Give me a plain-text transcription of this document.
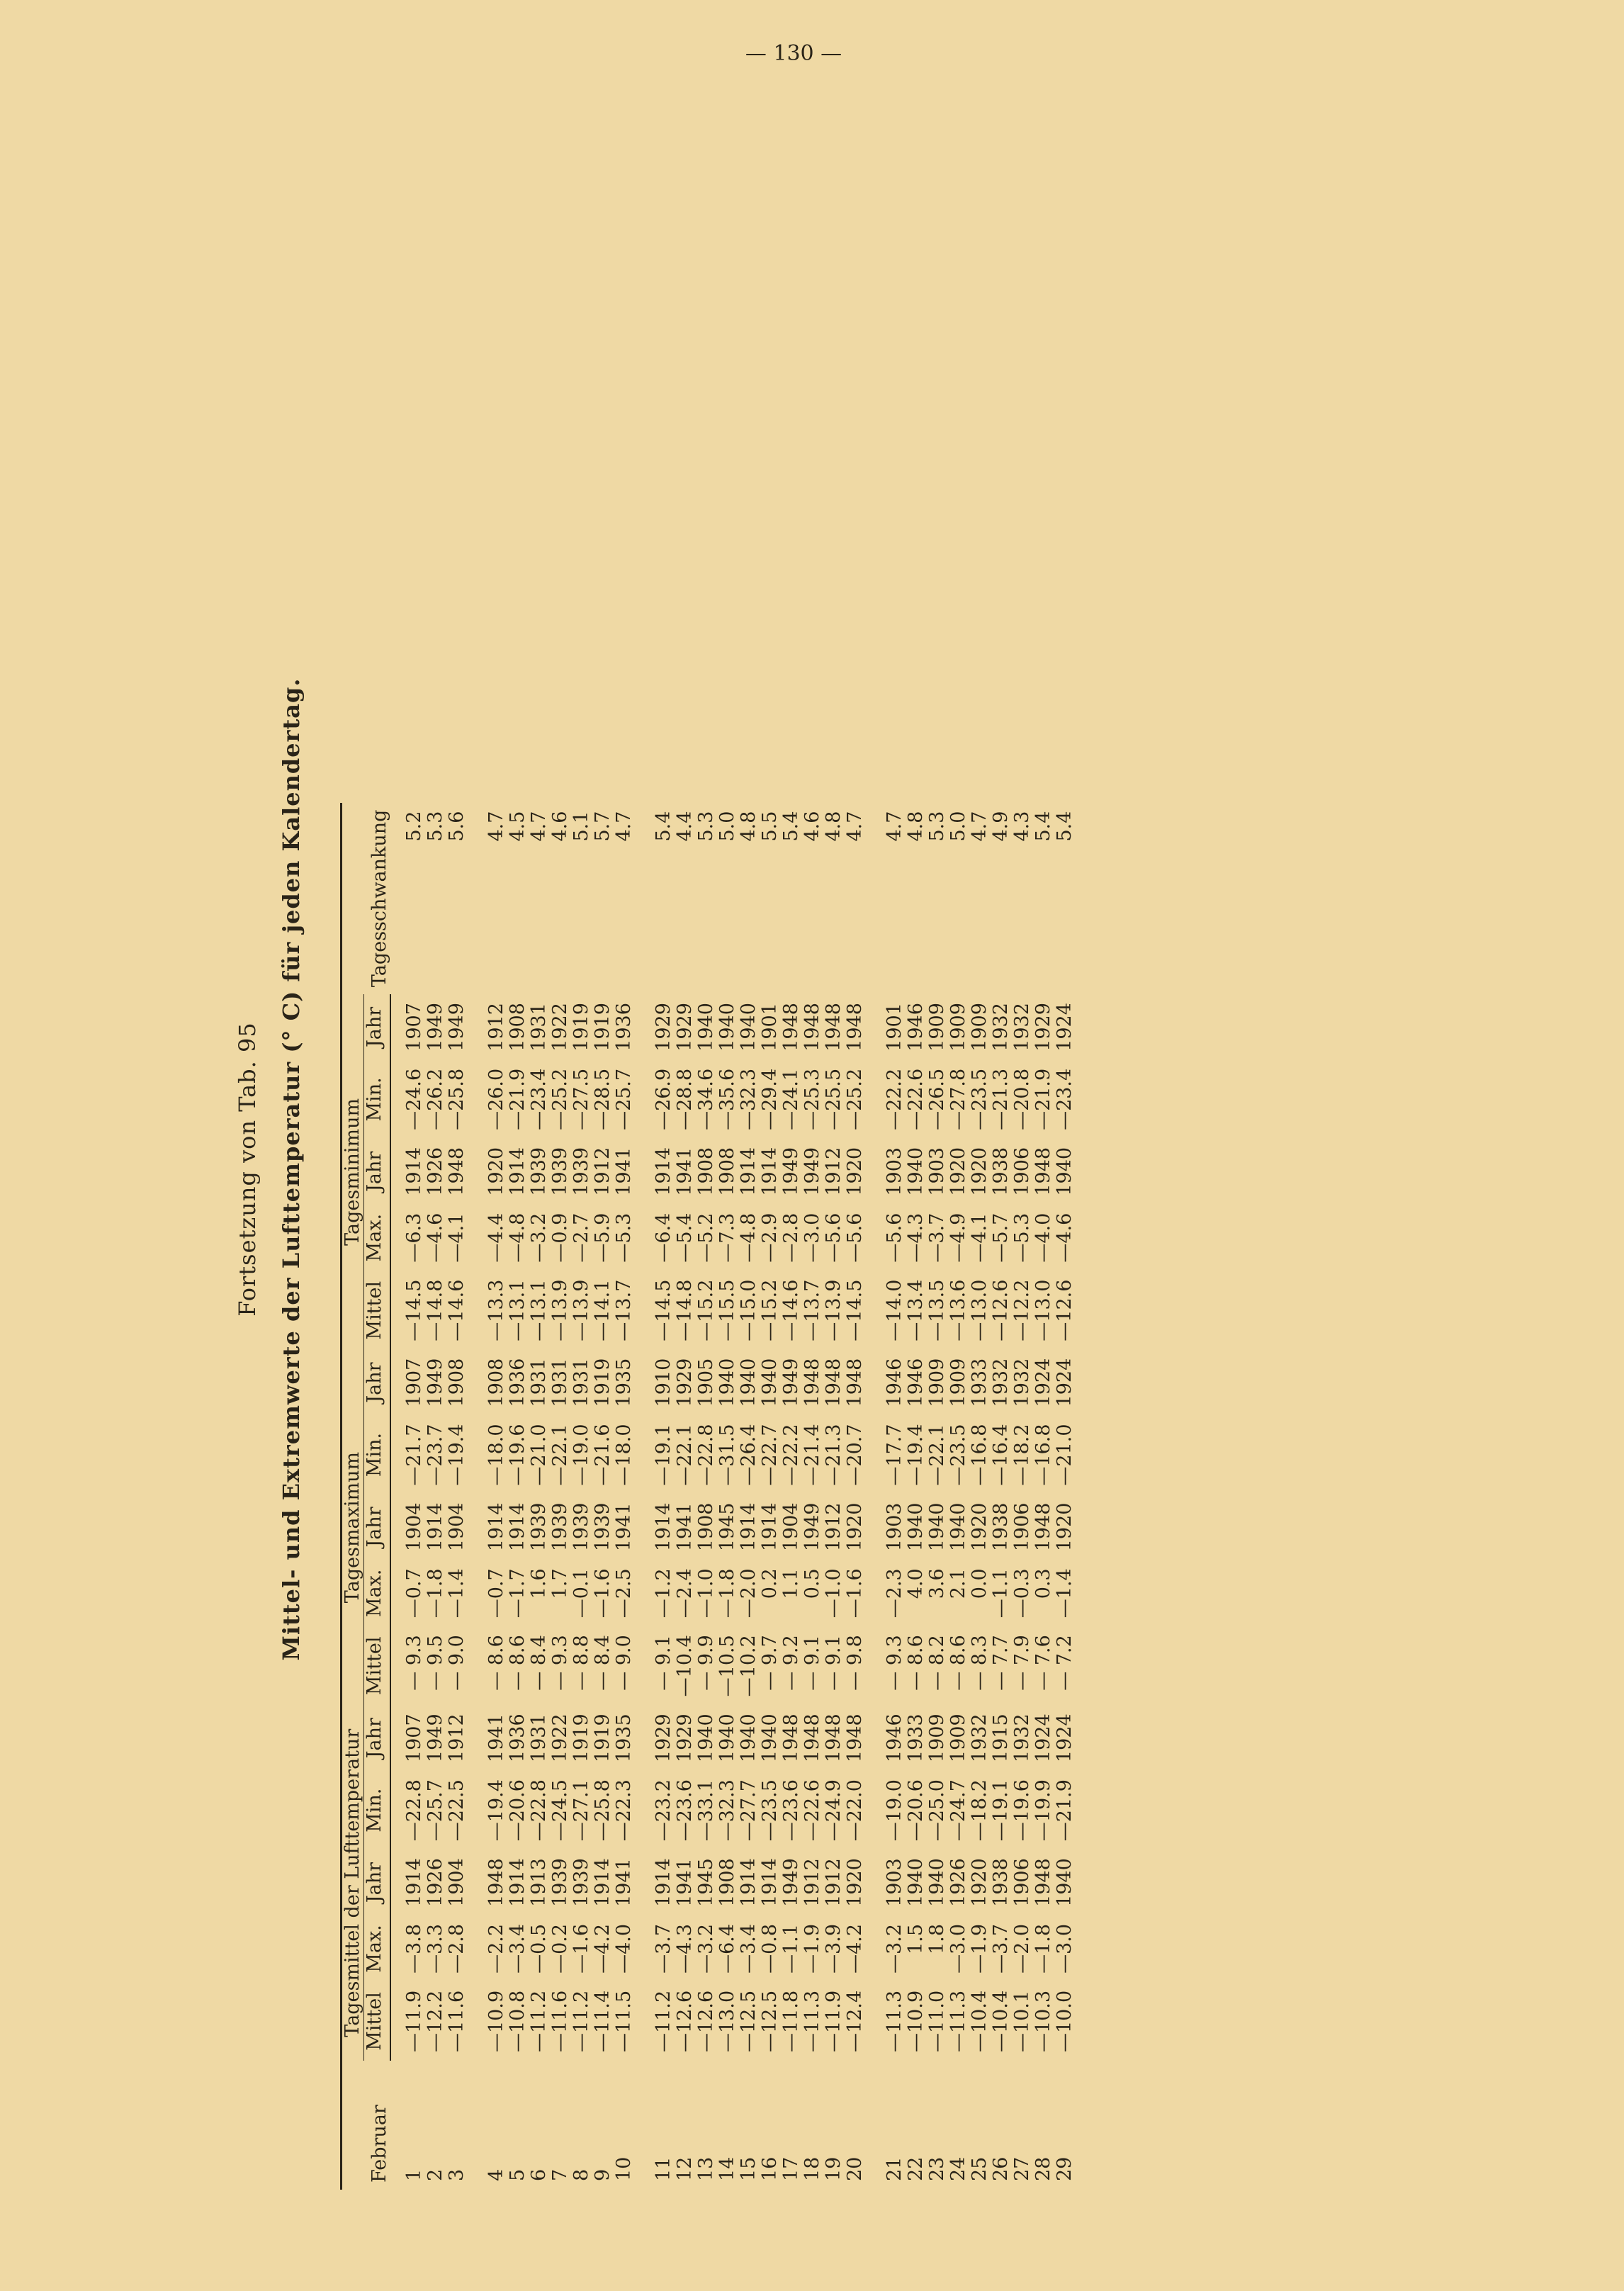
— 130 —
Fortsetzung von Tab. 95 Mittel- und Extremwerte der Lufttemperatur (° C) für jeden Kalendertag.
Februar	Tagesmittel der Lufttemperatur					Tagesmaximum					Tagesminimum					Tagesschwankung
	Mittel	Max.	Jahr	Min.	Jahr	Mittel	Max.	Jahr	Min.	Jahr	Mittel	Max.	Jahr	Min.	Jahr	
1	—11.9	—3.8	1914	—22.8	1907	— 9.3	—0.7	1904	—21.7	1907	—14.5	—6.3	1914	—24.6	1907	5.2
2	—12.2	—3.3	1926	—25.7	1949	— 9.5	—1.8	1914	—23.7	1949	—14.8	—4.6	1926	—26.2	1949	5.3
3	—11.6	—2.8	1904	—22.5	1912	— 9.0	—1.4	1904	—19.4	1908	—14.6	—4.1	1948	—25.8	1949	5.6

4	—10.9	—2.2	1948	—19.4	1941	— 8.6	—0.7	1914	—18.0	1908	—13.3	—4.4	1920	—26.0	1912	4.7
5	—10.8	—3.4	1914	—20.6	1936	— 8.6	—1.7	1914	—19.6	1936	—13.1	—4.8	1914	—21.9	1908	4.5
6	—11.2	—0.5	1913	—22.8	1931	— 8.4	1.6	1939	—21.0	1931	—13.1	—3.2	1939	—23.4	1931	4.7
7	—11.6	—0.2	1939	—24.5	1922	— 9.3	1.7	1939	—22.1	1931	—13.9	—0.9	1939	—25.2	1922	4.6
8	—11.2	—1.6	1939	—27.1	1919	— 8.8	—0.1	1939	—19.0	1931	—13.9	—2.7	1939	—27.5	1919	5.1
9	—11.4	—4.2	1914	—25.8	1919	— 8.4	—1.6	1939	—21.6	1919	—14.1	—5.9	1912	—28.5	1919	5.7
10	—11.5	—4.0	1941	—22.3	1935	— 9.0	—2.5	1941	—18.0	1935	—13.7	—5.3	1941	—25.7	1936	4.7

11	—11.2	—3.7	1914	—23.2	1929	— 9.1	—1.2	1914	—19.1	1910	—14.5	—6.4	1914	—26.9	1929	5.4
12	—12.6	—4.3	1941	—23.6	1929	—10.4	—2.4	1941	—22.1	1929	—14.8	—5.4	1941	—28.8	1929	4.4
13	—12.6	—3.2	1945	—33.1	1940	— 9.9	—1.0	1908	—22.8	1905	—15.2	—5.2	1908	—34.6	1940	5.3
14	—13.0	—6.4	1908	—32.3	1940	—10.5	—1.8	1945	—31.5	1940	—15.5	—7.3	1908	—35.6	1940	5.0
15	—12.5	—3.4	1914	—27.7	1940	—10.2	—2.0	1914	—26.4	1940	—15.0	—4.8	1914	—32.3	1940	4.8
16	—12.5	—0.8	1914	—23.5	1940	— 9.7	0.2	1914	—22.7	1940	—15.2	—2.9	1914	—29.4	1901	5.5
17	—11.8	—1.1	1949	—23.6	1948	— 9.2	1.1	1904	—22.2	1949	—14.6	—2.8	1949	—24.1	1948	5.4
18	—11.3	—1.9	1912	—22.6	1948	— 9.1	0.5	1949	—21.4	1948	—13.7	—3.0	1949	—25.3	1948	4.6
19	—11.9	—3.9	1912	—24.9	1948	— 9.1	—1.0	1912	—21.3	1948	—13.9	—5.6	1912	—25.5	1948	4.8
20	—12.4	—4.2	1920	—22.0	1948	— 9.8	—1.6	1920	—20.7	1948	—14.5	—5.6	1920	—25.2	1948	4.7

21	—11.3	—3.2	1903	—19.0	1946	— 9.3	—2.3	1903	—17.7	1946	—14.0	—5.6	1903	—22.2	1901	4.7
22	—10.9	1.5	1940	—20.6	1933	— 8.6	4.0	1940	—19.4	1946	—13.4	—4.3	1940	—22.6	1946	4.8
23	—11.0	1.8	1940	—25.0	1909	— 8.2	3.6	1940	—22.1	1909	—13.5	—3.7	1903	—26.5	1909	5.3
24	—11.3	—3.0	1926	—24.7	1909	— 8.6	2.1	1940	—23.5	1909	—13.6	—4.9	1920	—27.8	1909	5.0
25	—10.4	—1.9	1920	—18.2	1932	— 8.3	0.0	1920	—16.8	1933	—13.0	—4.1	1920	—23.5	1909	4.7
26	—10.4	—3.7	1938	—19.1	1915	— 7.7	—1.1	1938	—16.4	1932	—12.6	—5.7	1938	—21.3	1932	4.9
27	—10.1	—2.0	1906	—19.6	1932	— 7.9	—0.3	1906	—18.2	1932	—12.2	—5.3	1906	—20.8	1932	4.3
28	—10.3	—1.8	1948	—19.9	1924	— 7.6	0.3	1948	—16.8	1924	—13.0	—4.0	1948	—21.9	1929	5.4
29	—10.0	—3.0	1940	—21.9	1924	— 7.2	—1.4	1920	—21.0	1924	—12.6	—4.6	1940	—23.4	1924	5.4
